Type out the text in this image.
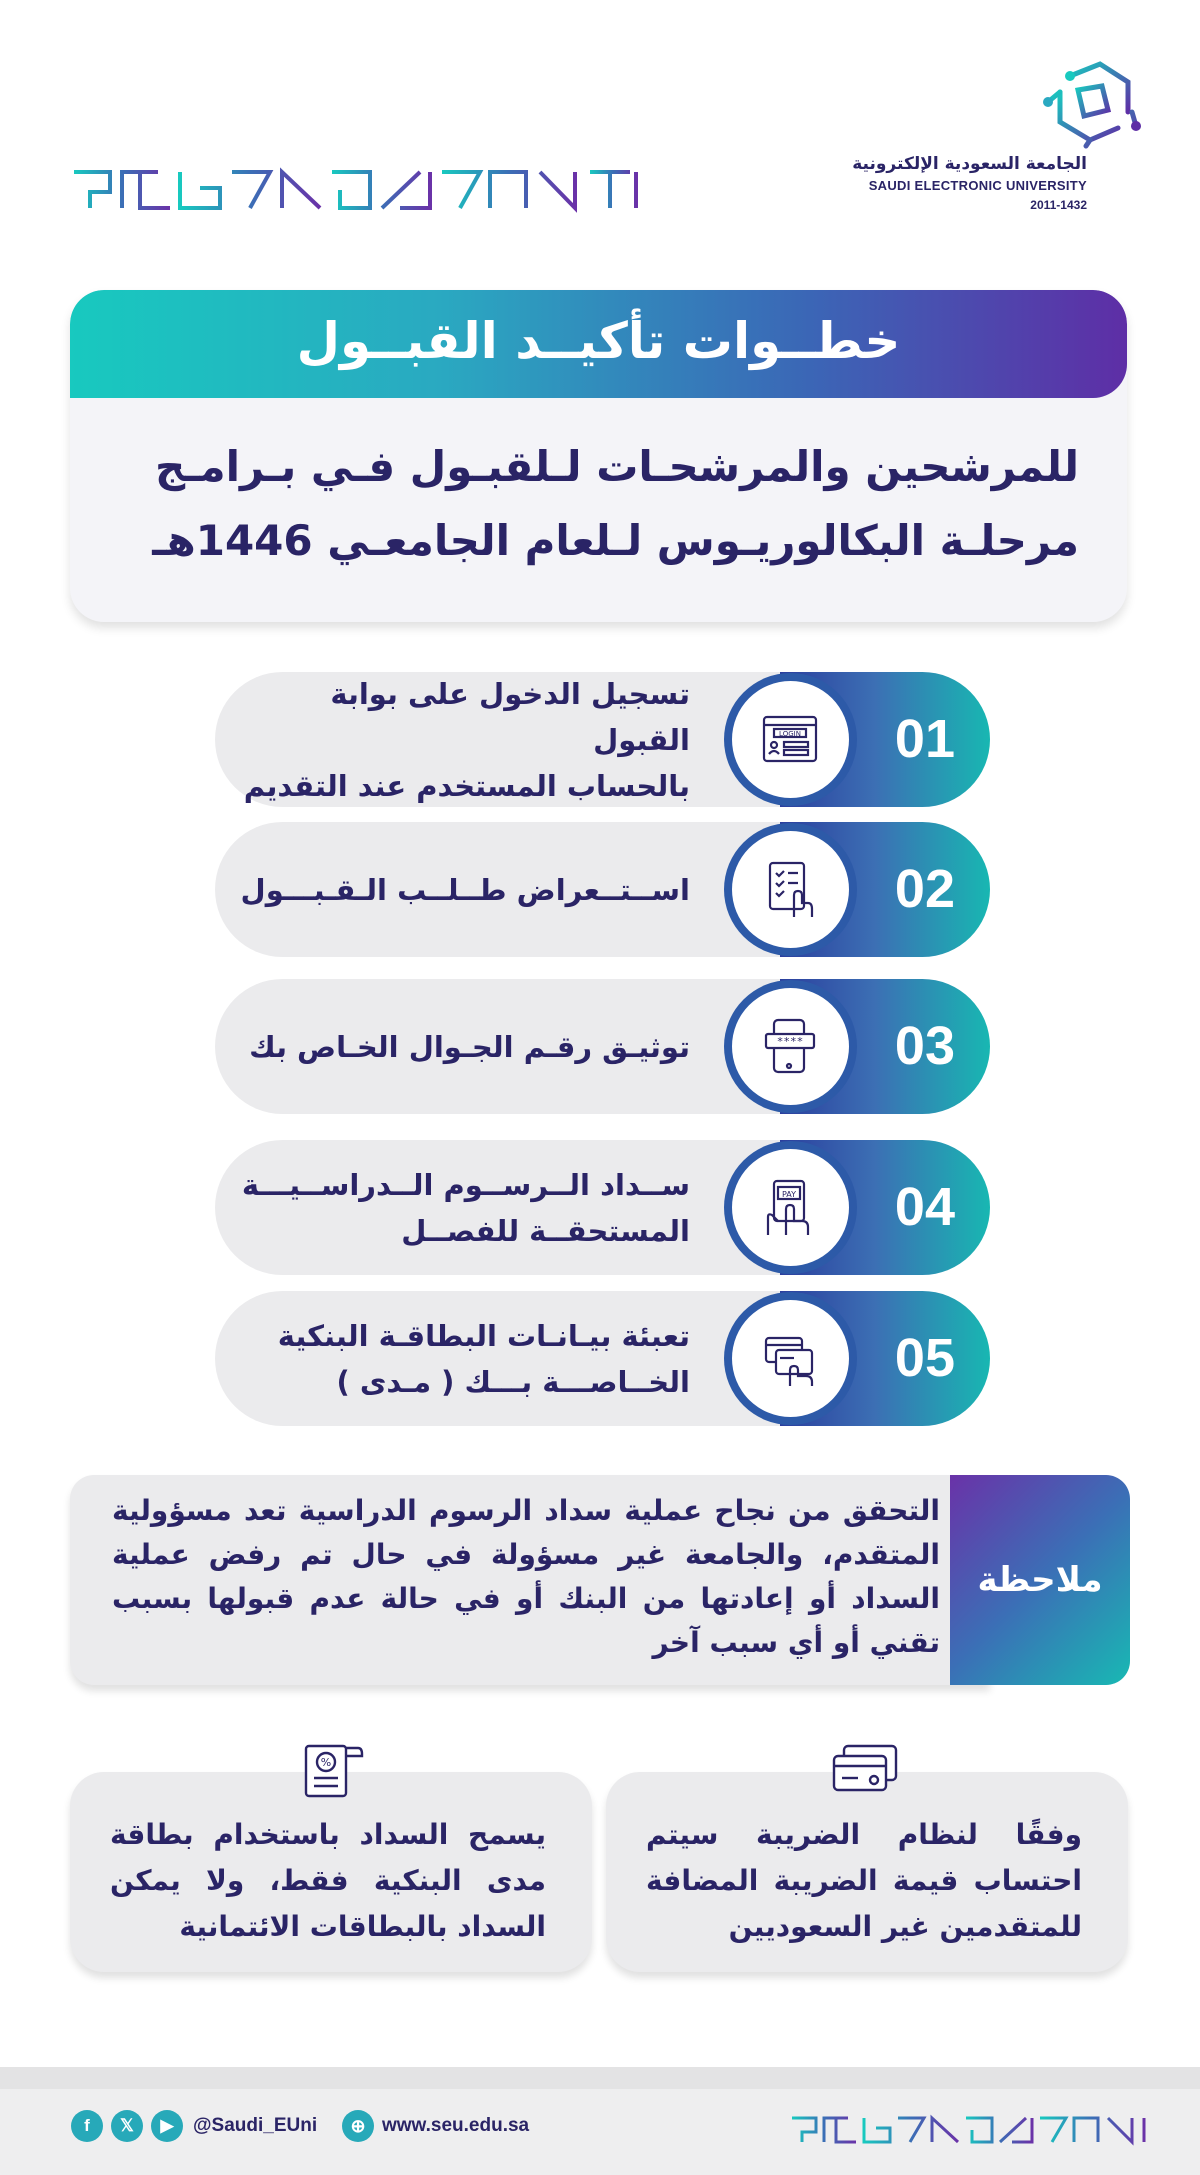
الجامعة السعودية الإلكترونية
SAUDI ELECTRONIC UNIVERSITY
2011-1432
خطــوات تأكيــد القبــول
للمرشحين والمرشحـات لـلقبـول فـي بـرامـج
مرحلـة البكالوريـوس لـلعام الجامعـي 1446هـ
01
LOGIN
تسجيل الدخول على بوابة القبول
بالحساب المستخدم عند التقديم
02
اســتــعراض طــلــب الـقـبـــول
03
****
توثيـق رقـم الجـوال الخـاص بك
04
PAY
ســداد الــرســوم الــدراســيـــة
المستحقــة للفصــل
05
تعبئة بيـانـات البطاقـة البنكية
الخــاصـــة بـــك ( مـدى )
ملاحظة
التحقق من نجاح عملية سداد الرسوم الدراسية تعد مسؤولية المتقدم، والجامعة غير مسؤولة في حال تم رفض عملية السداد أو إعادتها من البنك أو في حالة عدم قبولها بسبب تقني أو أي سبب آخر
يسمح السداد باستخدام بطاقة مدى البنكية فقط، ولا يمكن السداد بالبطاقات الائتمانية
%
وفقًا لنظام الضريبة سيتم احتساب قيمة الضريبة المضافة للمتقدمين غير السعوديين
f	𝕏	▶	@Saudi_EUni	⊕ www.seu.edu.sa
